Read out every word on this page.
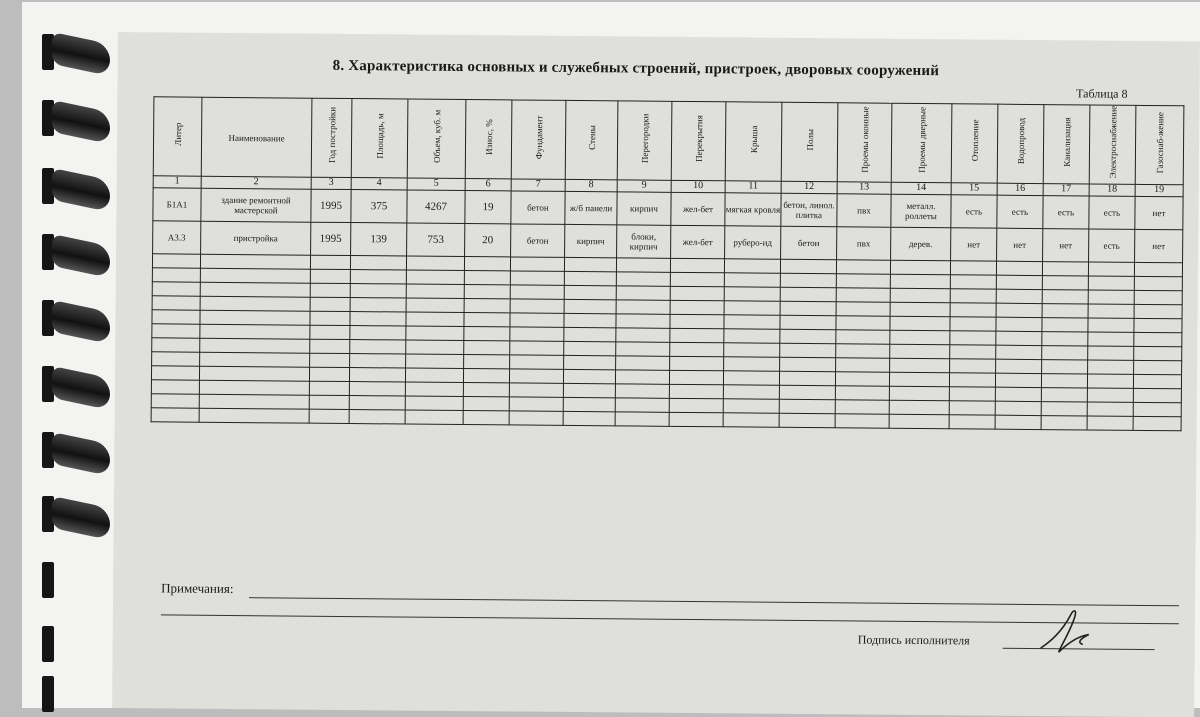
8. Характеристика основных и служебных строений, пристроек, дворовых сооружений
Таблица 8
Литер	Наименование	Год постройки	Площадь, м	Объем, куб. м	Износ, %	Фундамент	Стены	Перегородки	Перекрытия	Крыша	Полы	Проемы оконные	Проемы дверные	Отопление	Водопровод	Канализация	Электроснабжение	Газоснаб-жение
1	2	3	4	5	6	7	8	9	10	11	12	13	14	15	16	17	18	19
Б1А1	здание ремонтной мастерской	1995	375	4267	19	бетон	ж/б панели	кирпич	жел-бет	мягкая кровля	бетон, линол. плитка	пвх	металл. роллеты	есть	есть	есть	есть	нет
А3.3	пристройка	1995	139	753	20	бетон	кирпич	блоки, кирпич	жел-бет	руберо-ид	бетон	пвх	дерев.	нет	нет	нет	есть	нет

Примечания:
Подпись исполнителя
